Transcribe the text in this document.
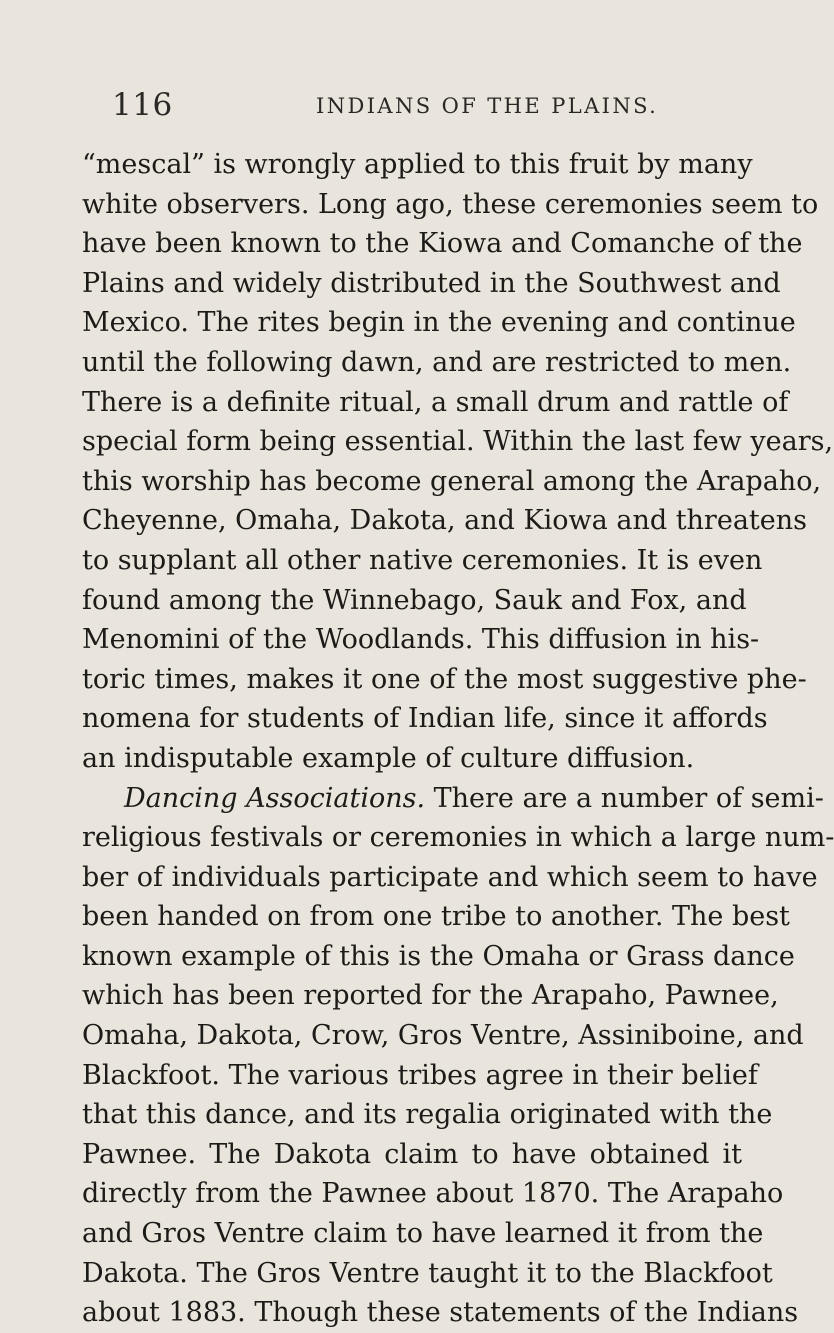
116	INDIANS OF THE PLAINS.
“mescal” is wrongly applied to this fruit by many
white observers. Long ago, these ceremonies seem to
have been known to the Kiowa and Comanche of the
Plains and widely distributed in the Southwest and
Mexico. The rites begin in the evening and continue
until the following dawn, and are restricted to men.
There is a definite ritual, a small drum and rattle of
special form being essential. Within the last few years,
this worship has become general among the Arapaho,
Cheyenne, Omaha, Dakota, and Kiowa and threatens
to supplant all other native ceremonies. It is even
found among the Winnebago, Sauk and Fox, and
Menomini of the Woodlands. This diffusion in his-
toric times, makes it one of the most suggestive phe-
nomena for students of Indian life, since it affords
an indisputable example of culture diffusion.
Dancing Associations. There are a number of semi-
religious festivals or ceremonies in which a large num-
ber of individuals participate and which seem to have
been handed on from one tribe to another. The best
known example of this is the Omaha or Grass dance
which has been reported for the Arapaho, Pawnee,
Omaha, Dakota, Crow, Gros Ventre, Assiniboine, and
Blackfoot. The various tribes agree in their belief
that this dance, and its regalia originated with the
Pawnee. The Dakota claim to have obtained it
directly from the Pawnee about 1870. The Arapaho
and Gros Ventre claim to have learned it from the
Dakota. The Gros Ventre taught it to the Blackfoot
about 1883. Though these statements of the Indians
